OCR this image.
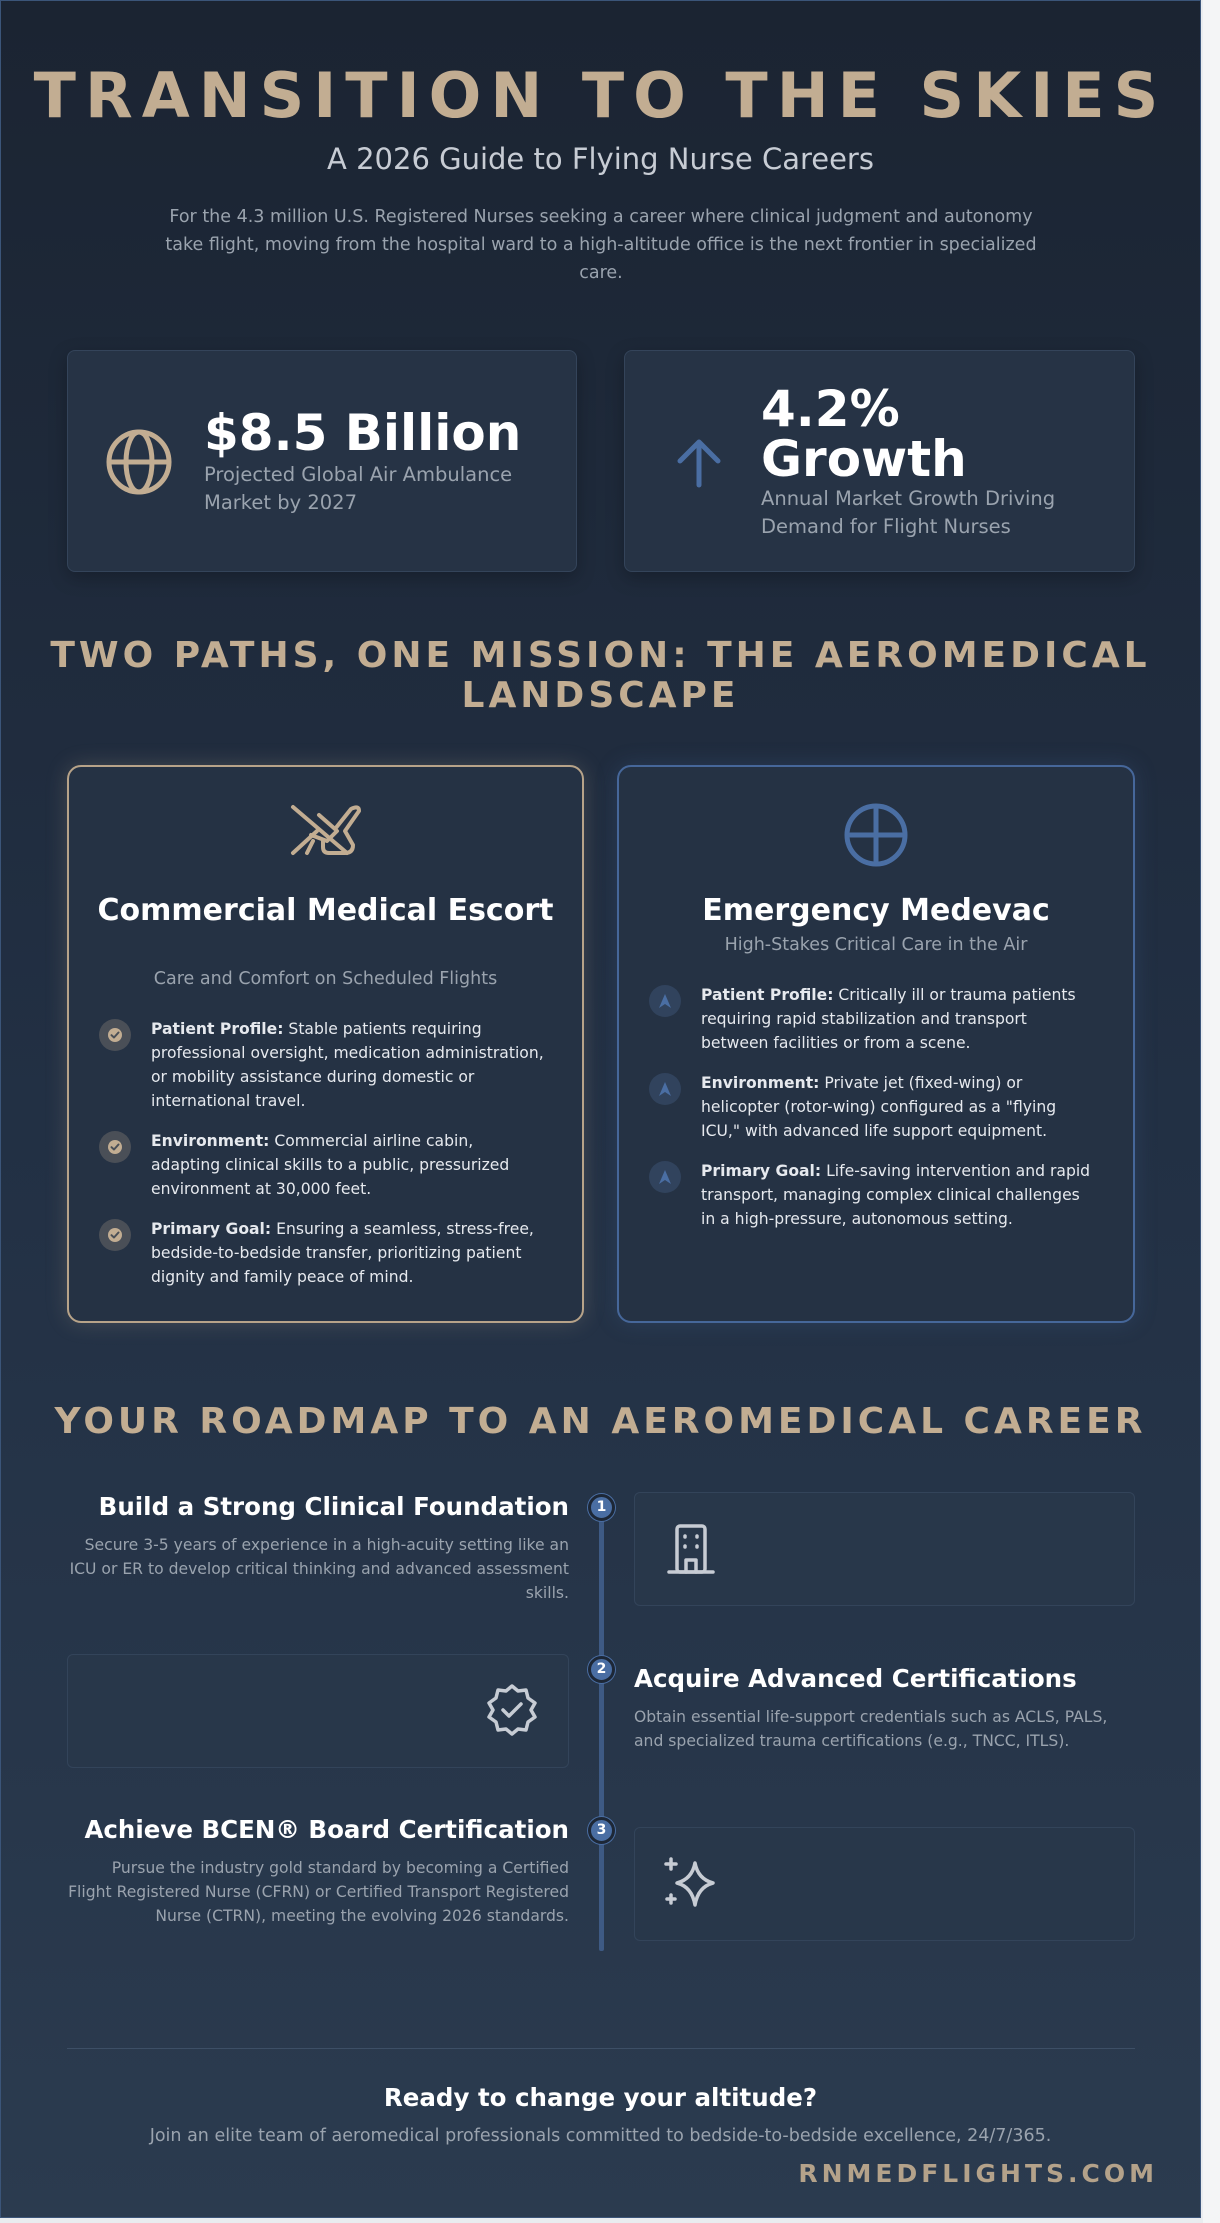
TRANSITION TO THE SKIES
A 2026 Guide to Flying Nurse Careers

For the 4.3 million U.S. Registered Nurses seeking a career where clinical judgment and autonomy take flight, moving from the hospital ward to a high-altitude office is the next frontier in specialized care.

$8.5 Billion
Projected Global Air Ambulance Market by 2027
4.2% Growth
Annual Market Growth Driving Demand for Flight Nurses
TWO PATHS, ONE MISSION: THE AEROMEDICAL LANDSCAPE
Commercial Medical Escort
Care and Comfort on Scheduled Flights
Patient Profile: Stable patients requiring professional oversight, medication administration, or mobility assistance during domestic or international travel.
Environment: Commercial airline cabin, adapting clinical skills to a public, pressurized environment at 30,000 feet.
Primary Goal: Ensuring a seamless, stress-free, bedside-to-bedside transfer, prioritizing patient dignity and family peace of mind.
Emergency Medevac
High-Stakes Critical Care in the Air
Patient Profile: Critically ill or trauma patients requiring rapid stabilization and transport between facilities or from a scene.
Environment: Private jet (fixed-wing) or helicopter (rotor-wing) configured as a "flying ICU," with advanced life support equipment.
Primary Goal: Life-saving intervention and rapid transport, managing complex clinical challenges in a high-pressure, autonomous setting.
YOUR ROADMAP TO AN AEROMEDICAL CAREER
1
Build a Strong Clinical Foundation
Secure 3-5 years of experience in a high-acuity setting like an ICU or ER to develop critical thinking and advanced assessment skills.
2	Acquire Advanced Certifications
Obtain essential life-support credentials such as ACLS, PALS, and specialized trauma certifications (e.g., TNCC, ITLS).
3
Achieve BCEN® Board Certification
Pursue the industry gold standard by becoming a Certified Flight Registered Nurse (CFRN) or Certified Transport Registered Nurse (CTRN), meeting the evolving 2026 standards.
Ready to change your altitude?
Join an elite team of aeromedical professionals committed to bedside-to-bedside excellence, 24/7/365.
RNMEDFLIGHTS.COM
